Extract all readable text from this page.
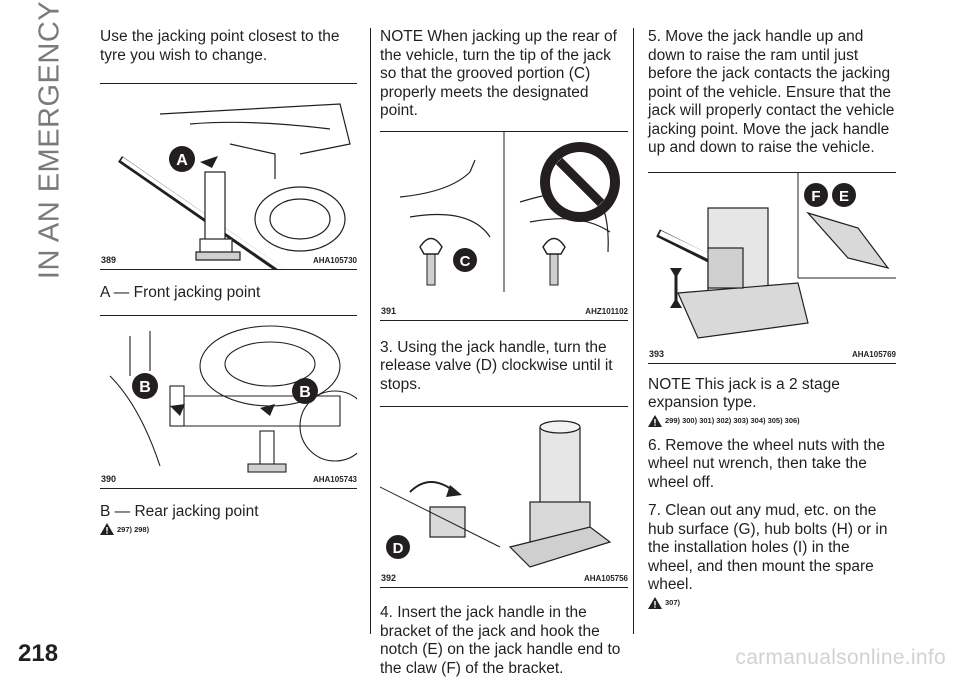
IN AN EMERGENCY Use the jacking point closest to the tyre you wish to change.

A
389	AHA105730

A — Front jacking point

B	B
390	AHA105743

B — Rear jacking point

297) 298)

NOTE When jacking up the rear of the vehicle, turn the tip of the jack so that the grooved portion (C) properly meets the designated point.

C
391	AHZ101102

3. Using the jack handle, turn the release valve (D) clockwise until it stops.

D
392	AHA105756

4. Insert the jack handle in the bracket of the jack and hook the notch (E) on the jack handle end to the claw (F) of the bracket.

5. Move the jack handle up and down to raise the ram until just before the jack contacts the jacking point of the vehicle. Ensure that the jack will properly contact the vehicle jacking point. Move the jack handle up and down to raise the vehicle.

F E
393	AHA105769

NOTE This jack is a 2 stage expansion type.

299) 300) 301) 302) 303) 304) 305) 306)

6. Remove the wheel nuts with the wheel nut wrench, then take the wheel off.

7. Clean out any mud, etc. on the hub surface (G), hub bolts (H) or in the installation holes (I) in the wheel, and then mount the spare wheel.

307)
218	carmanualsonline.info
